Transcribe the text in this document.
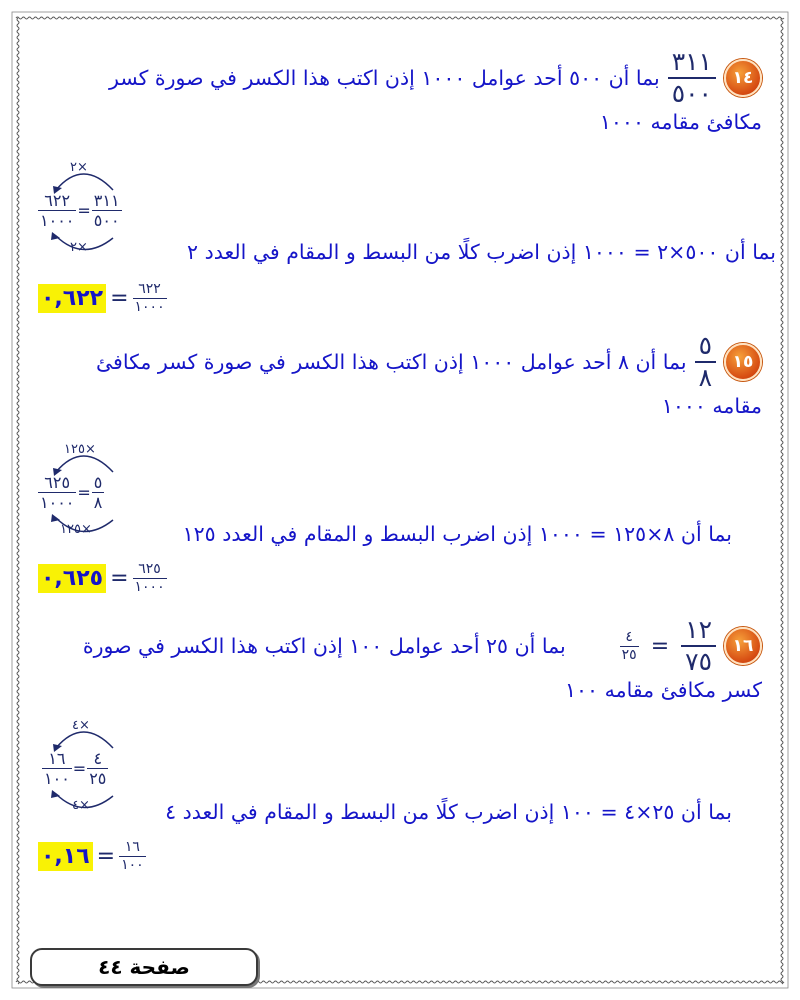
١٤
$\frac{٣١١}{٥٠٠}$
بما أن ٥٠٠ أحد عوامل ١٠٠٠ إذن اكتب هذا الكسر في صورة كسر
مكافئ مقامه ١٠٠٠
٢×
٢×
$\frac{٦٢٢}{١٠٠٠} = \frac{٣١١}{٥٠٠}$
بما أن ٥٠٠×٢ = ١٠٠٠ إذن اضرب كلًا من البسط و المقام في العدد ٢
٠,٦٢٢ = $\frac{٦٢٢}{١٠٠٠}$
١٥
$\frac{٥}{٨}$
بما أن ٨ أحد عوامل ١٠٠٠ إذن اكتب هذا الكسر في صورة كسر مكافئ
مقامه ١٠٠٠
١٢٥×
١٢٥×
$\frac{٦٢٥}{١٠٠٠} = \frac{٥}{٨}$
بما أن ٨×١٢٥ = ١٠٠٠ إذن اضرب البسط و المقام في العدد ١٢٥
٠,٦٢٥ = $\frac{٦٢٥}{١٠٠٠}$
١٦
$\frac{١٢}{٧٥}$
=
$\frac{٤}{٢٥}$
بما أن ٢٥ أحد عوامل ١٠٠ إذن اكتب هذا الكسر في صورة
كسر مكافئ مقامه ١٠٠
٤×
٤×
$\frac{١٦}{١٠٠} = \frac{٤}{٢٥}$
بما أن ٢٥×٤ = ١٠٠ إذن اضرب كلًا من البسط و المقام في العدد ٤
٠,١٦ = $\frac{١٦}{١٠٠}$
صفحة ٤٤
